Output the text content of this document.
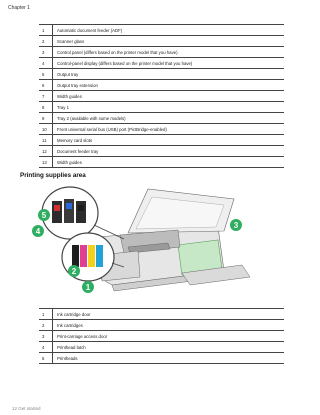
Chapter 1
1	Automatic document feeder (ADF)
2	Scanner glass
3	Control panel (differs based on the printer model that you have)
4	Control-panel display (differs based on the printer model that you have)
5	Output tray
6	Output tray extension
7	Width guides
8	Tray 1
9	Tray 2 (available with some models)
10	Front universal serial bus (USB) port (PictBridge-enabled)
11	Memory card slots
12	Document feeder tray
13	Width guides
Printing supplies area
1
2
3
4
5
1	Ink cartridge door
2	Ink cartridges
3	Print-carriage access door
4	Printhead latch
5	Printheads
12 Get started
